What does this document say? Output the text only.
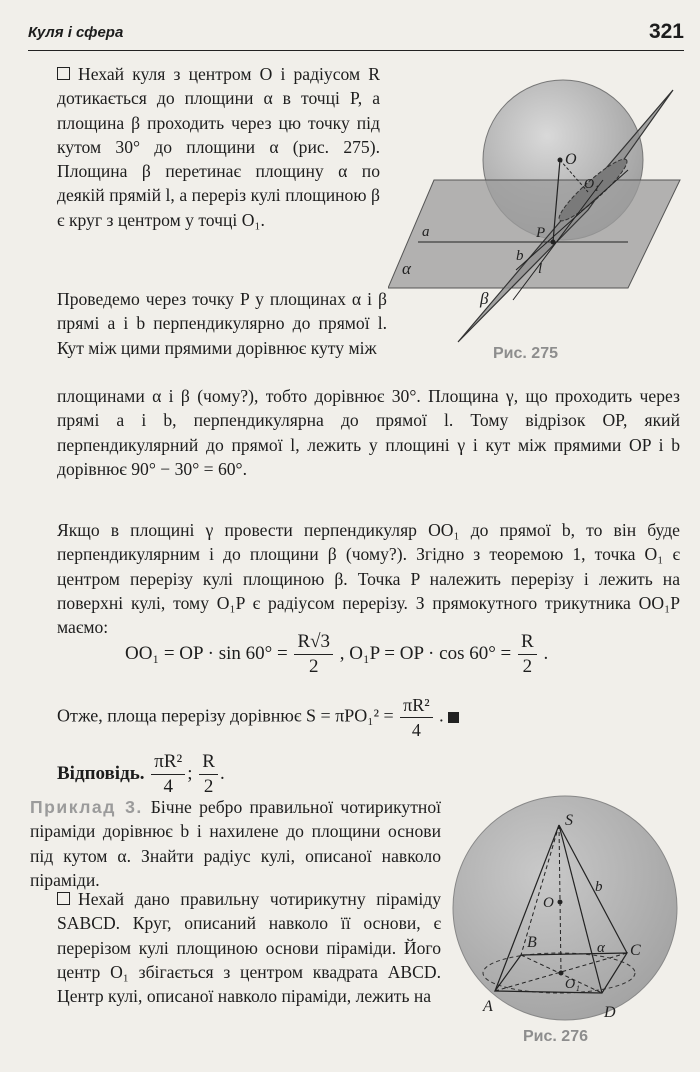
Куля і сфера	321

Нехай куля з центром O і радіусом R дотикається до площини α в точці P, а площина β проходить через цю точку під кутом 30° до площини α (рис. 275). Площина β перетинає площину α по деякій прямій l, а переріз кулі площиною β є круг з центром у точці O₁.

Проведемо через точку P у площинах α і β прямі a і b перпендикулярно до прямої l. Кут між цими прямими дорівнює куту між

площинами α і β (чому?), тобто дорівнює 30°. Площина γ, що проходить через прямі a і b, перпендикулярна до прямої l. Тому відрізок OP, який перпендикулярний до прямої l, лежить у площині γ і кут між прямими OP і b дорівнює 90° − 30° = 60°.

Якщо в площині γ провести перпендикуляр OO₁ до прямої b, то він буде перпендикулярним і до площини β (чому?). Згідно з теоремою 1, точка O₁ є центром перерізу кулі площиною β. Точка P належить перерізу і лежить на поверхні кулі, тому O₁P є радіусом перерізу. З прямокутного трикутника OO₁P маємо:

OO₁ = OP · $\sin 60^\circ = \frac{R√3}{2}$ , O₁P = OP · $\cos 60^\circ = \frac{R}{2}$ .
Отже, площа перерізу дорівнює $S = \pi PO_1^2 = \frac{\text{πR²}}{4}$ .
Відповідь. $\frac{\text{πR²}}{4}$ ; $\frac{R}{2}$ .

Приклад 3. Бічне ребро правильної чотирикутної піраміди дорівнює b і нахилене до площини основи під кутом α. Знайти радіус кулі, описаної навколо піраміди.

Нехай дано правильну чотирикутну піраміду SABCD. Круг, описаний навколо її основи, є перерізом кулі площиною основи піраміди. Його центр O₁ збігається з центром квадрата ABCD. Центр кулі, описаної навколо піраміди, лежить на

O
O₁
P
a
b
l
α
β
Рис. 275
S
O
O₁
A
B	C
D
b
α
Рис. 276
